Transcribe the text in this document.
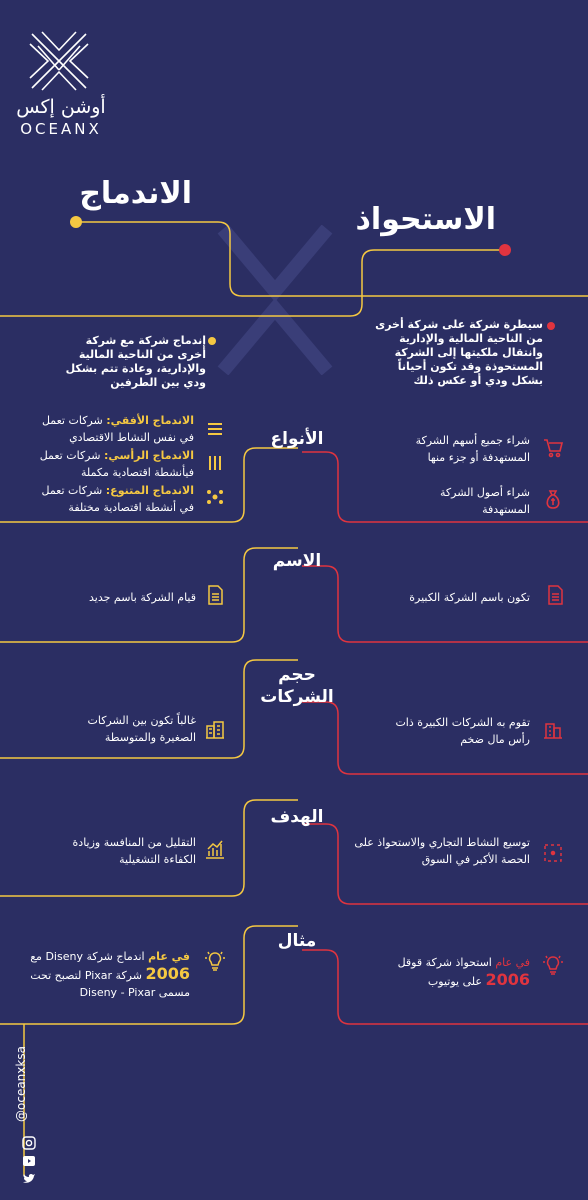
أوشن إكس
OCEANX
الاندماج
الاستحواذ
إندماج شركة مع شركة أخرى من الناحية المالية والإدارية، وعادة تتم بشكل ودي بين الطرفين
سيطرة شركة على شركة أخرى من الناحية المالية والإدارية وانتقال ملكيتها إلى الشركة المستحوذة وقد تكون أحياناً بشكل ودي أو عكس ذلك
الأنواع
الاسم
حجم الشركات
الهدف
مثال
الاندماج الأفقي: شركات تعمل في نفس النشاط الاقتصادي
الاندماج الرأسي: شركات تعمل فيأنشطة اقتصادية مكملة
الاندماج المتنوع: شركات تعمل في أنشطة اقتصادية مختلفة
شراء جميع أسهم الشركة المستهدفة أو جزء منها
شراء أصول الشركة المستهدفة
قيام الشركة باسم جديد	تكون باسم الشركة الكبيرة
غالباً تكون بين الشركات الصغيرة والمتوسطة
تقوم به الشركات الكبيرة ذات رأس مال ضخم
التقليل من المنافسة وزيادة الكفاءة التشغيلية
توسيع النشاط التجاري والاستحواذ على الحصة الأكبر في السوق
في عام اندماج شركة Diseny مع
2006 شركة Pixar لتصبح تحت
مسمى Diseny - Pixar
في عام استحواذ شركة قوقل
2006 على يوتيوب
@oceanxksa
